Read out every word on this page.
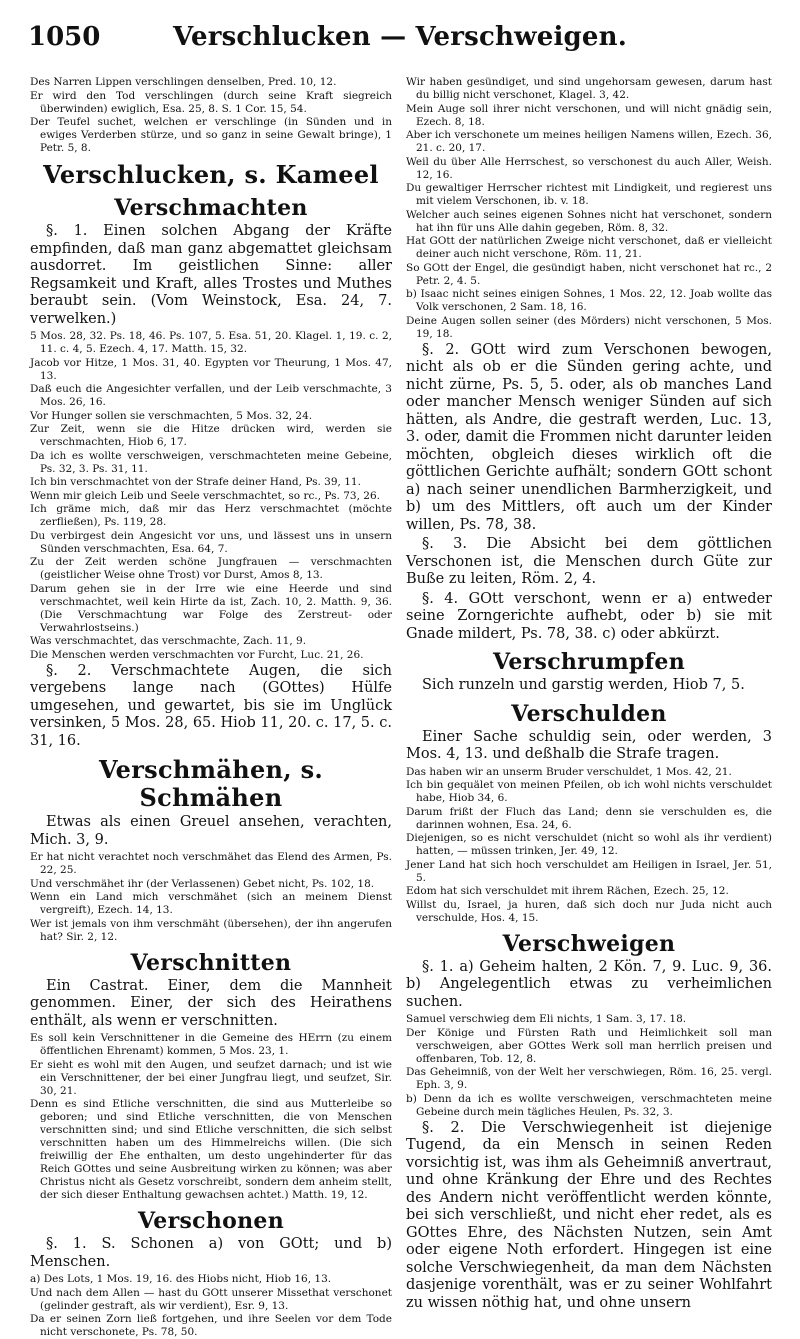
1050	Verschlucken — Verschweigen.

Des Narren Lippen verschlingen denselben, Pred. 10, 12.

Er wird den Tod verschlingen (durch seine Kraft siegreich überwinden) ewiglich, Esa. 25, 8. S. 1 Cor. 15, 54.

Der Teufel suchet, welchen er verschlinge (in Sünden und in ewiges Verderben stürze, und so ganz in seine Gewalt bringe), 1 Petr. 5, 8.

Verschlucken, s. Kameel
Verschmachten

§. 1. Einen solchen Abgang der Kräfte empfinden, daß man ganz abgemattet gleichsam ausdorret. Im geistlichen Sinne: aller Regsamkeit und Kraft, alles Trostes und Muthes beraubt sein. (Vom Weinstock, Esa. 24, 7. verwelken.)

5 Mos. 28, 32. Ps. 18, 46. Ps. 107, 5. Esa. 51, 20. Klagel. 1, 19. c. 2, 11. c. 4, 5. Ezech. 4, 17. Matth. 15, 32.

Jacob vor Hitze, 1 Mos. 31, 40. Egypten vor Theurung, 1 Mos. 47, 13.

Daß euch die Angesichter verfallen, und der Leib verschmachte, 3 Mos. 26, 16.

Vor Hunger sollen sie verschmachten, 5 Mos. 32, 24.

Zur Zeit, wenn sie die Hitze drücken wird, werden sie verschmachten, Hiob 6, 17.

Da ich es wollte verschweigen, verschmachteten meine Gebeine, Ps. 32, 3. Ps. 31, 11.

Ich bin verschmachtet von der Strafe deiner Hand, Ps. 39, 11.

Wenn mir gleich Leib und Seele verschmachtet, so rc., Ps. 73, 26.

Ich gräme mich, daß mir das Herz verschmachtet (möchte zerfließen), Ps. 119, 28.

Du verbirgest dein Angesicht vor uns, und lässest uns in unsern Sünden verschmachten, Esa. 64, 7.

Zu der Zeit werden schöne Jungfrauen — verschmachten (geistlicher Weise ohne Trost) vor Durst, Amos 8, 13.

Darum gehen sie in der Irre wie eine Heerde und sind verschmachtet, weil kein Hirte da ist, Zach. 10, 2. Matth. 9, 36. (Die Verschmachtung war Folge des Zerstreut- oder Verwahrlostseins.)

Was verschmachtet, das verschmachte, Zach. 11, 9.

Die Menschen werden verschmachten vor Furcht, Luc. 21, 26.

§. 2. Verschmachtete Augen, die sich vergebens lange nach (GOttes) Hülfe umgesehen, und gewartet, bis sie im Unglück versinken, 5 Mos. 28, 65. Hiob 11, 20. c. 17, 5. c. 31, 16.

Verschmähen, s. Schmähen

Etwas als einen Greuel ansehen, verachten, Mich. 3, 9.

Er hat nicht verachtet noch verschmähet das Elend des Armen, Ps. 22, 25.

Und verschmähet ihr (der Verlassenen) Gebet nicht, Ps. 102, 18.

Wenn ein Land mich verschmähet (sich an meinem Dienst vergreift), Ezech. 14, 13.

Wer ist jemals von ihm verschmäht (übersehen), der ihn angerufen hat? Sir. 2, 12.

Verschnitten

Ein Castrat. Einer, dem die Mannheit genommen. Einer, der sich des Heirathens enthält, als wenn er verschnitten.

Es soll kein Verschnittener in die Gemeine des HErrn (zu einem öffentlichen Ehrenamt) kommen, 5 Mos. 23, 1.

Er sieht es wohl mit den Augen, und seufzet darnach; und ist wie ein Verschnittener, der bei einer Jungfrau liegt, und seufzet, Sir. 30, 21.

Denn es sind Etliche verschnitten, die sind aus Mutterleibe so geboren; und sind Etliche verschnitten, die von Menschen verschnitten sind; und sind Etliche verschnitten, die sich selbst verschnitten haben um des Himmelreichs willen. (Die sich freiwillig der Ehe enthalten, um desto ungehinderter für das Reich GOttes und seine Ausbreitung wirken zu können; was aber Christus nicht als Gesetz vorschreibt, sondern dem anheim stellt, der sich dieser Enthaltung gewachsen achtet.) Matth. 19, 12.

Verschonen

§. 1. S. Schonen a) von GOtt; und b) Menschen.

a) Des Lots, 1 Mos. 19, 16. des Hiobs nicht, Hiob 16, 13.

Und nach dem Allen — hast du GOtt unserer Missethat verschonet (gelinder gestraft, als wir verdient), Esr. 9, 13.

Da er seinen Zorn ließ fortgehen, und ihre Seelen vor dem Tode nicht verschonete, Ps. 78, 50.

Wir haben gesündiget, und sind ungehorsam gewesen, darum hast du billig nicht verschonet, Klagel. 3, 42.

Mein Auge soll ihrer nicht verschonen, und will nicht gnädig sein, Ezech. 8, 18.

Aber ich verschonete um meines heiligen Namens willen, Ezech. 36, 21. c. 20, 17.

Weil du über Alle Herrschest, so verschonest du auch Aller, Weish. 12, 16.

Du gewaltiger Herrscher richtest mit Lindigkeit, und regierest uns mit vielem Verschonen, ib. v. 18.

Welcher auch seines eigenen Sohnes nicht hat verschonet, sondern hat ihn für uns Alle dahin gegeben, Röm. 8, 32.

Hat GOtt der natürlichen Zweige nicht verschonet, daß er vielleicht deiner auch nicht verschone, Röm. 11, 21.

So GOtt der Engel, die gesündigt haben, nicht verschonet hat rc., 2 Petr. 2, 4. 5.

b) Isaac nicht seines einigen Sohnes, 1 Mos. 22, 12. Joab wollte das Volk verschonen, 2 Sam. 18, 16.

Deine Augen sollen seiner (des Mörders) nicht verschonen, 5 Mos. 19, 18.

§. 2. GOtt wird zum Verschonen bewogen, nicht als ob er die Sünden gering achte, und nicht zürne, Ps. 5, 5. oder, als ob manches Land oder mancher Mensch weniger Sünden auf sich hätten, als Andre, die gestraft werden, Luc. 13, 3. oder, damit die Frommen nicht darunter leiden möchten, obgleich dieses wirklich oft die göttlichen Gerichte aufhält; sondern GOtt schont a) nach seiner unendlichen Barmherzigkeit, und b) um des Mittlers, oft auch um der Kinder willen, Ps. 78, 38.

§. 3. Die Absicht bei dem göttlichen Verschonen ist, die Menschen durch Güte zur Buße zu leiten, Röm. 2, 4.

§. 4. GOtt verschont, wenn er a) entweder seine Zorngerichte aufhebt, oder b) sie mit Gnade mildert, Ps. 78, 38. c) oder abkürzt.

Verschrumpfen

Sich runzeln und garstig werden, Hiob 7, 5.

Verschulden

Einer Sache schuldig sein, oder werden, 3 Mos. 4, 13. und deßhalb die Strafe tragen.

Das haben wir an unserm Bruder verschuldet, 1 Mos. 42, 21.

Ich bin gequälet von meinen Pfeilen, ob ich wohl nichts verschuldet habe, Hiob 34, 6.

Darum frißt der Fluch das Land; denn sie verschulden es, die darinnen wohnen, Esa. 24, 6.

Diejenigen, so es nicht verschuldet (nicht so wohl als ihr verdient) hatten, — müssen trinken, Jer. 49, 12.

Jener Land hat sich hoch verschuldet am Heiligen in Israel, Jer. 51, 5.

Edom hat sich verschuldet mit ihrem Rächen, Ezech. 25, 12.

Willst du, Israel, ja huren, daß sich doch nur Juda nicht auch verschulde, Hos. 4, 15.

Verschweigen

§. 1. a) Geheim halten, 2 Kön. 7, 9. Luc. 9, 36. b) Angelegentlich etwas zu verheimlichen suchen.

Samuel verschwieg dem Eli nichts, 1 Sam. 3, 17. 18.

Der Könige und Fürsten Rath und Heimlichkeit soll man verschweigen, aber GOttes Werk soll man herrlich preisen und offenbaren, Tob. 12, 8.

Das Geheimniß, von der Welt her verschwiegen, Röm. 16, 25. vergl. Eph. 3, 9.

b) Denn da ich es wollte verschweigen, verschmachteten meine Gebeine durch mein tägliches Heulen, Ps. 32, 3.

§. 2. Die Verschwiegenheit ist diejenige Tugend, da ein Mensch in seinen Reden vorsichtig ist, was ihm als Geheimniß anvertraut, und ohne Kränkung der Ehre und des Rechtes des Andern nicht veröffentlicht werden könnte, bei sich verschließt, und nicht eher redet, als es GOttes Ehre, des Nächsten Nutzen, sein Amt oder eigene Noth erfordert. Hingegen ist eine solche Verschwiegenheit, da man dem Nächsten dasjenige vorenthält, was er zu seiner Wohlfahrt zu wissen nöthig hat, und ohne unsern
